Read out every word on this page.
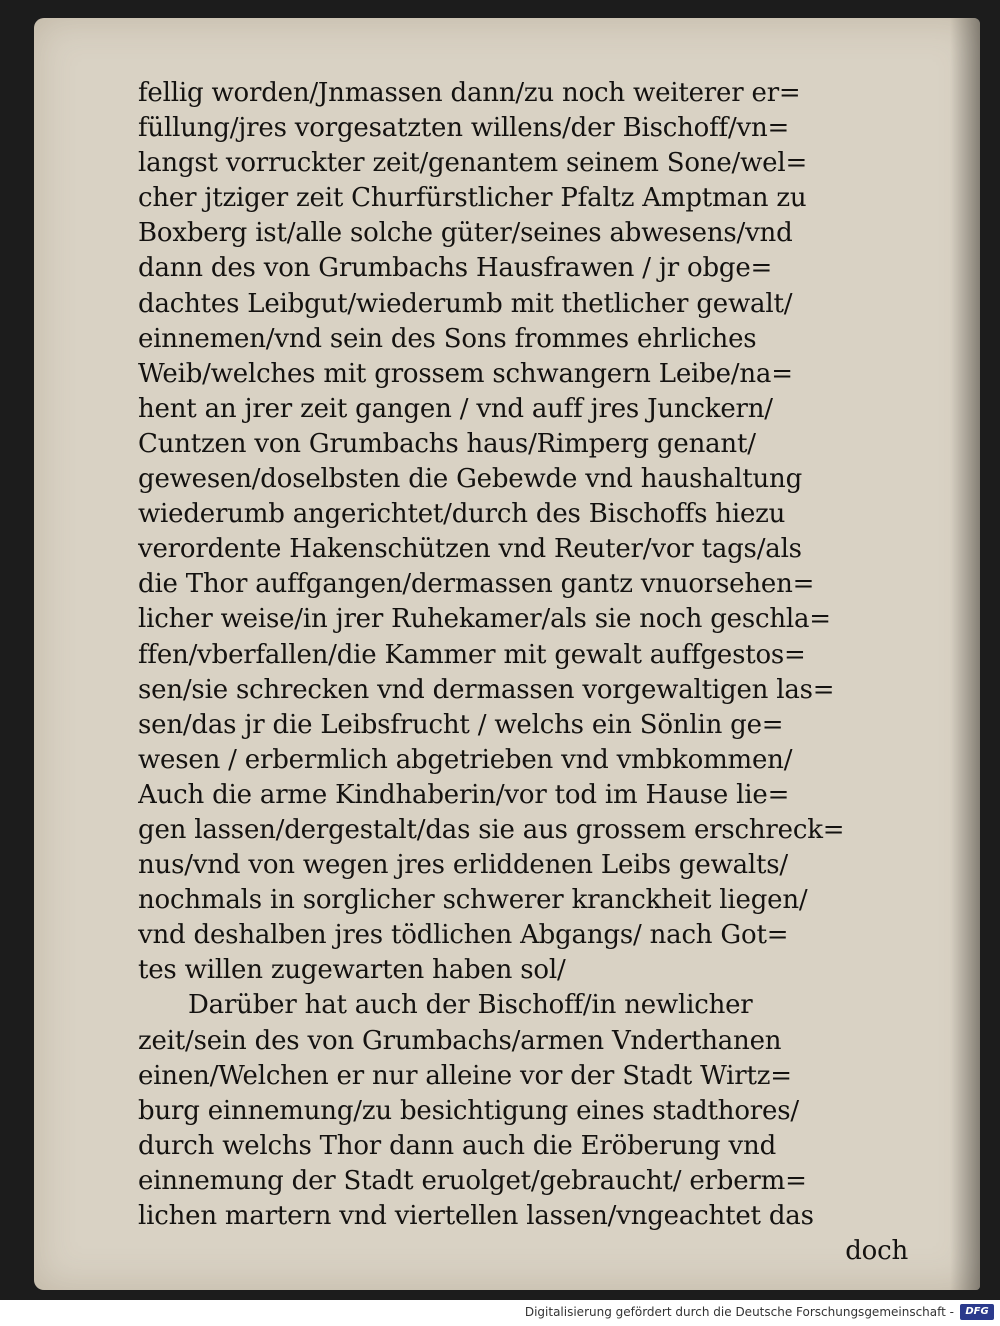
fellig worden/Jnmassen dann/zu noch weiterer er=
füllung/jres vorgesatzten willens/der Bischoff/vn=
langst vorruckter zeit/genantem seinem Sone/wel=
cher jtziger zeit Churfürstlicher Pfaltz Amptman zu
Boxberg ist/alle solche güter/seines abwesens/vnd
dann des von Grumbachs Hausfrawen / jr obge=
dachtes Leibgut/wiederumb mit thetlicher gewalt/
einnemen/vnd sein des Sons frommes ehrliches
Weib/welches mit grossem schwangern Leibe/na=
hent an jrer zeit gangen / vnd auff jres Junckern/
Cuntzen von Grumbachs haus/Rimperg genant/
gewesen/doselbsten die Gebewde vnd haushaltung
wiederumb angerichtet/durch des Bischoffs hiezu
verordente Hakenschützen vnd Reuter/vor tags/als
die Thor auffgangen/dermassen gantz vnuorsehen=
licher weise/in jrer Ruhekamer/als sie noch geschla=
ffen/vberfallen/die Kammer mit gewalt auffgestos=
sen/sie schrecken vnd dermassen vorgewaltigen las=
sen/das jr die Leibsfrucht / welchs ein Sönlin ge=
wesen / erbermlich abgetrieben vnd vmbkommen/
Auch die arme Kindhaberin/vor tod im Hause lie=
gen lassen/dergestalt/das sie aus grossem erschreck=
nus/vnd von wegen jres erliddenen Leibs gewalts/
nochmals in sorglicher schwerer kranckheit liegen/
vnd deshalben jres tödlichen Abgangs/ nach Got=
tes willen zugewarten haben sol/
Darüber hat auch der Bischoff/in newlicher
zeit/sein des von Grumbachs/armen Vnderthanen
einen/Welchen er nur alleine vor der Stadt Wirtz=
burg einnemung/zu besichtigung eines stadthores/
durch welchs Thor dann auch die Eröberung vnd
einnemung der Stadt eruolget/gebraucht/ erberm=
lichen martern vnd viertellen lassen/vngeachtet das
doch
Digitalisierung gefördert durch die Deutsche Forschungsgemeinschaft -	DFG
